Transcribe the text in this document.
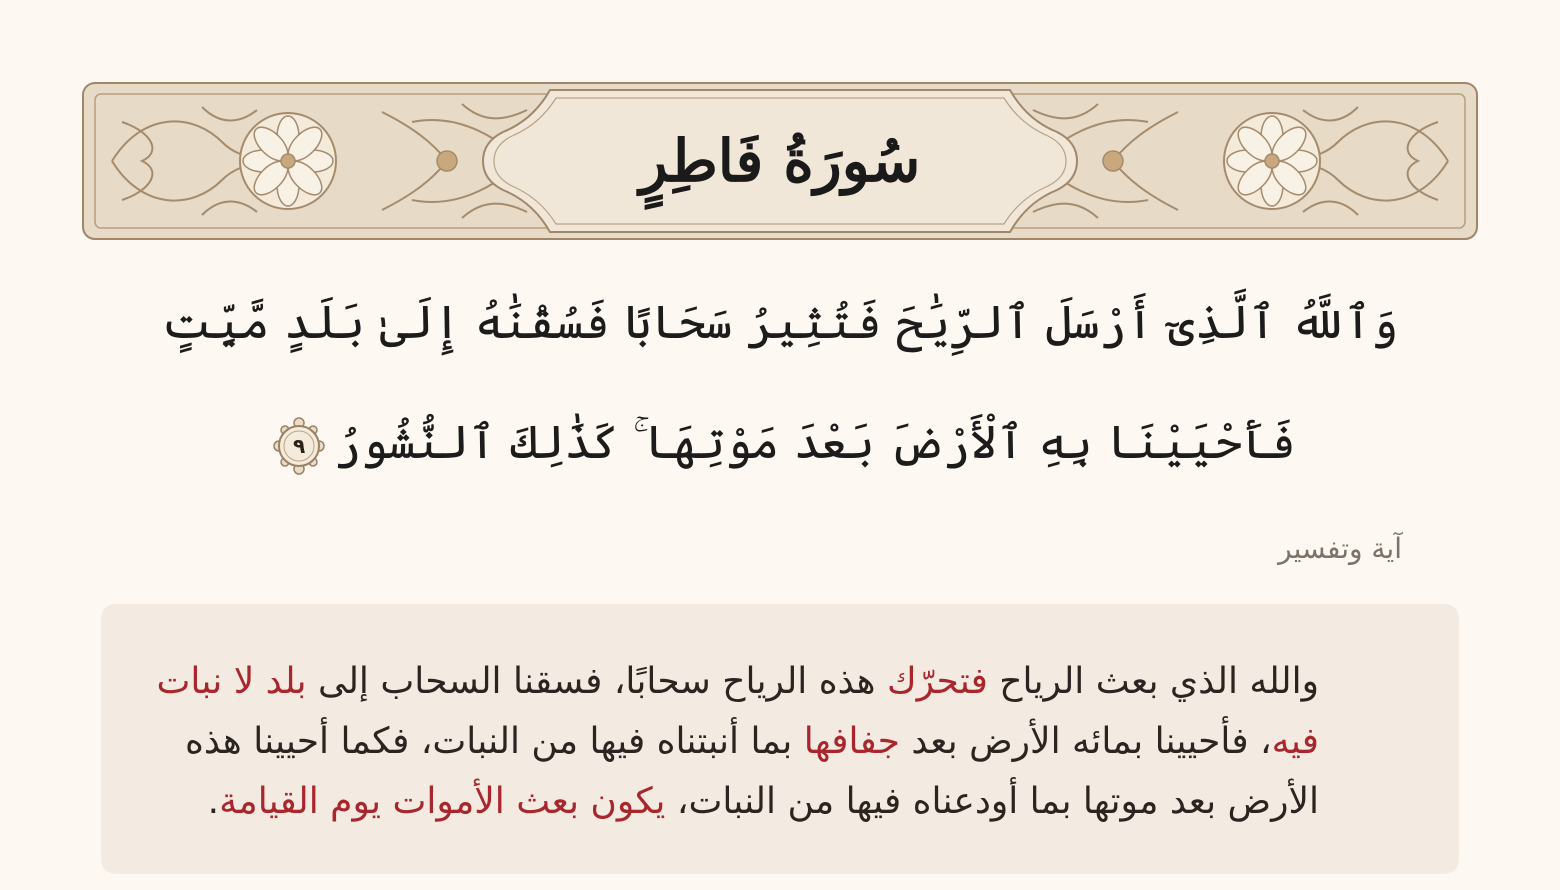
سُورَةُ فَاطِرٍ
وَٱللَّهُ ٱلَّذِىٓ أَرْسَلَ ٱلرِّيَٰحَ فَتُثِيرُ سَحَابًا فَسُقْنَٰهُ إِلَىٰ بَلَدٍ مَّيِّتٍ فَأَحْيَيْنَا بِهِ ٱلْأَرْضَ بَعْدَ مَوْتِهَا ۚ كَذَٰلِكَ ٱلنُّشُورُ
٩
آية وتفسير
والله الذي بعث الرياح فتحرّك هذه الرياح سحابًا، فسقنا السحاب إلى بلد لا نبات فيه، فأحيينا بمائه الأرض بعد جفافها بما أنبتناه فيها من النبات، فكما أحيينا هذه الأرض بعد موتها بما أودعناه فيها من النبات، يكون بعث الأموات يوم القيامة.
